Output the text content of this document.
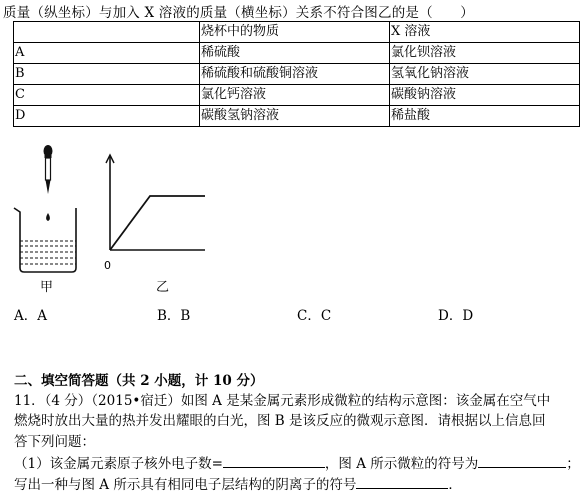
质量（纵坐标）与加入 X 溶液的质量（横坐标）关系不符合图乙的是（　　）
	烧杯中的物质	X 溶液
A	稀硫酸	氯化钡溶液
B	稀硫酸和硫酸铜溶液	氢氧化钠溶液
C	氯化钙溶液	碳酸钠溶液
D	碳酸氢钠溶液	稀盐酸
甲
0
乙
A．A	B．B	C．C	D．D
二、填空简答题（共 2 小题，计 10 分）
11．（4 分）（2015•宿迁）如图 A 是某金属元素形成微粒的结构示意图：该金属在空气中
燃烧时放出大量的热并发出耀眼的白光，图 B 是该反应的微观示意图．请根据以上信息回
答下列问题：
（1）该金属元素原子核外电子数=	，图 A 所示微粒的符号为	；
写出一种与图 A 所示具有相同电子层结构的阴离子的符号	．
